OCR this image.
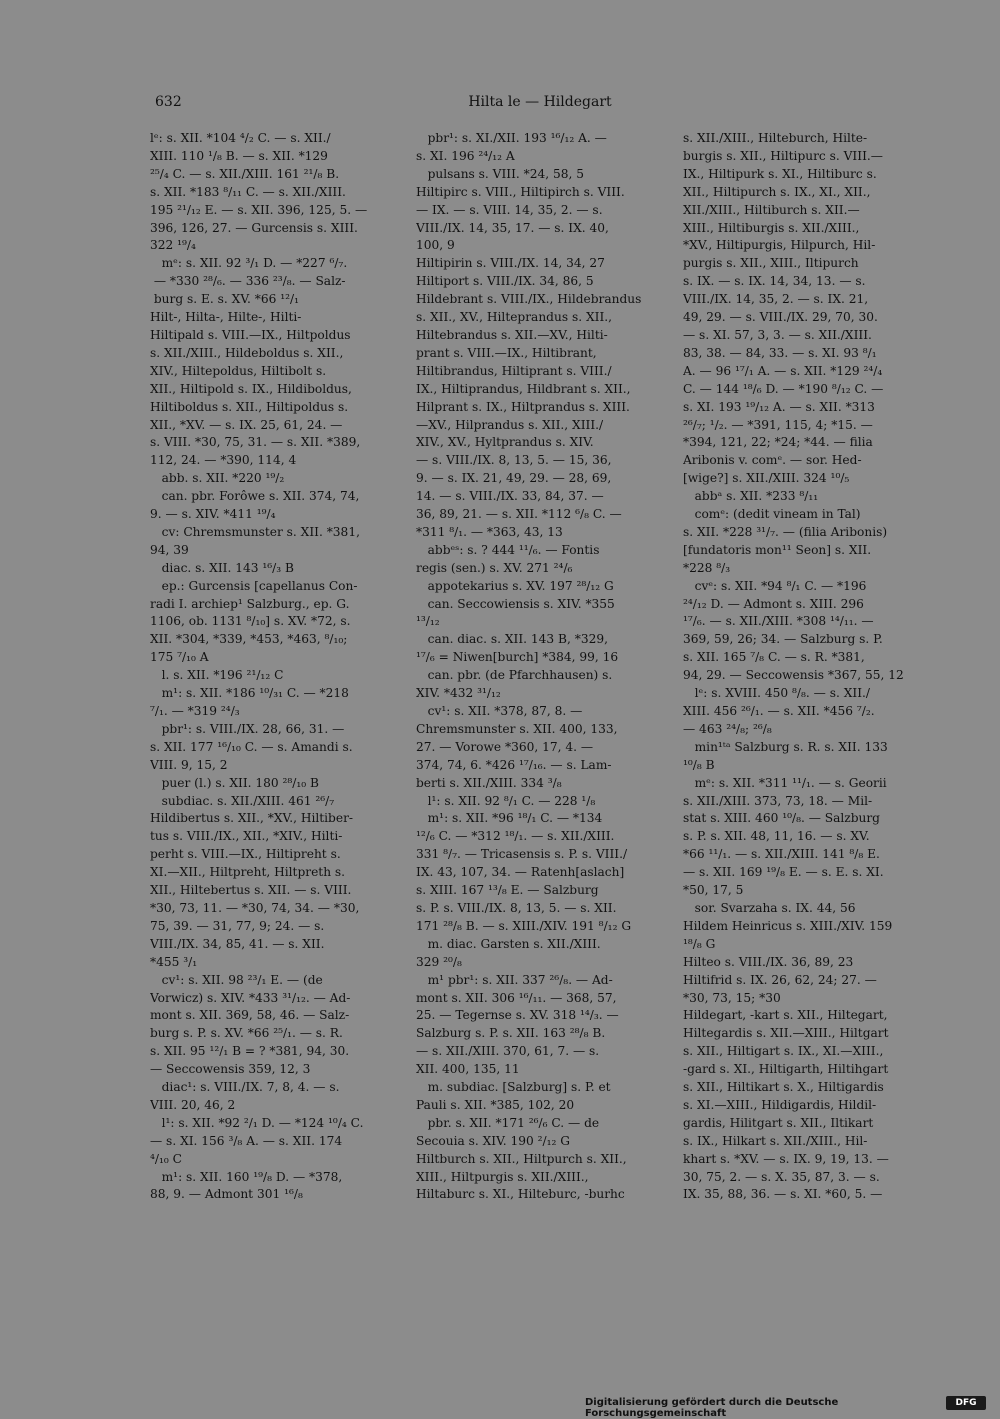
632	Hilta le — Hildegart
lᵉ: s. XII. *104 ⁴/₂ C. — s. XII./
XIII. 110 ¹/₈ B. — s. XII. *129
²⁵/₄ C. — s. XII./XIII. 161 ²¹/₈ B.
s. XII. *183 ⁸/₁₁ C. — s. XII./XIII.
195 ²¹/₁₂ E. — s. XII. 396, 125, 5. —
396, 126, 27. — Gurcensis s. XIII.
322 ¹⁹/₄
mᵉ: s. XII. 92 ³/₁ D. — *227 ⁶/₇.
— *330 ²⁸/₆. — 336 ²³/₈. — Salz-
burg s. E. s. XV. *66 ¹²/₁
Hilt-, Hilta-, Hilte-, Hilti-
Hiltipald s. VIII.—IX., Hiltpoldus
s. XII./XIII., Hildeboldus s. XII.,
XIV., Hiltepoldus, Hiltibolt s.
XII., Hiltipold s. IX., Hildiboldus,
Hiltiboldus s. XII., Hiltipoldus s.
XII., *XV. — s. IX. 25, 61, 24. —
s. VIII. *30, 75, 31. — s. XII. *389,
112, 24. — *390, 114, 4
abb. s. XII. *220 ¹⁹/₂
can. pbr. Forôwe s. XII. 374, 74,
9. — s. XIV. *411 ¹⁹/₄
cv: Chremsmunster s. XII. *381,
94, 39
diac. s. XII. 143 ¹⁶/₃ B
ep.: Gurcensis [capellanus Con-
radi I. archiep¹ Salzburg., ep. G.
1106, ob. 1131 ⁸/₁₀] s. XV. *72, s.
XII. *304, *339, *453, *463, ⁸/₁₀;
175 ⁷/₁₀ A
l. s. XII. *196 ²¹/₁₂ C
m¹: s. XII. *186 ¹⁰/₃₁ C. — *218
⁷/₁. — *319 ²⁴/₃
pbr¹: s. VIII./IX. 28, 66, 31. —
s. XII. 177 ¹⁶/₁₀ C. — s. Amandi s.
VIII. 9, 15, 2
puer (l.) s. XII. 180 ²⁸/₁₀ B
subdiac. s. XII./XIII. 461 ²⁶/₇
Hildibertus s. XII., *XV., Hiltiber-
tus s. VIII./IX., XII., *XIV., Hilti-
perht s. VIII.—IX., Hiltipreht s.
XI.—XII., Hiltpreht, Hiltpreth s.
XII., Hiltebertus s. XII. — s. VIII.
*30, 73, 11. — *30, 74, 34. — *30,
75, 39. — 31, 77, 9; 24. — s.
VIII./IX. 34, 85, 41. — s. XII.
*455 ³/₁
cv¹: s. XII. 98 ²³/₁ E. — (de
Vorwicz) s. XIV. *433 ³¹/₁₂. — Ad-
mont s. XII. 369, 58, 46. — Salz-
burg s. P. s. XV. *66 ²⁵/₁. — s. R.
s. XII. 95 ¹²/₁ B = ? *381, 94, 30.
— Seccowensis 359, 12, 3
diac¹: s. VIII./IX. 7, 8, 4. — s.
VIII. 20, 46, 2
l¹: s. XII. *92 ²/₁ D. — *124 ¹⁰/₄ C.
— s. XI. 156 ³/₈ A. — s. XII. 174
⁴/₁₀ C
m¹: s. XII. 160 ¹⁹/₈ D. — *378,
88, 9. — Admont 301 ¹⁶/₈
pbr¹: s. XI./XII. 193 ¹⁶/₁₂ A. —
s. XI. 196 ²⁴/₁₂ A
pulsans s. VIII. *24, 58, 5
Hiltipirc s. VIII., Hiltipirch s. VIII.
— IX. — s. VIII. 14, 35, 2. — s.
VIII./IX. 14, 35, 17. — s. IX. 40,
100, 9
Hiltipirin s. VIII./IX. 14, 34, 27
Hiltiport s. VIII./IX. 34, 86, 5
Hildebrant s. VIII./IX., Hildebrandus
s. XII., XV., Hilteprandus s. XII.,
Hiltebrandus s. XII.—XV., Hilti-
prant s. VIII.—IX., Hiltibrant,
Hiltibrandus, Hiltiprant s. VIII./
IX., Hiltiprandus, Hildbrant s. XII.,
Hilprant s. IX., Hiltprandus s. XIII.
—XV., Hilprandus s. XII., XIII./
XIV., XV., Hyltprandus s. XIV.
— s. VIII./IX. 8, 13, 5. — 15, 36,
9. — s. IX. 21, 49, 29. — 28, 69,
14. — s. VIII./IX. 33, 84, 37. —
36, 89, 21. — s. XII. *112 ⁶/₈ C. —
*311 ⁸/₁. — *363, 43, 13
abbᵉˢ: s. ? 444 ¹¹/₆. — Fontis
regis (sen.) s. XV. 271 ²⁴/₆
appotekarius s. XV. 197 ²⁸/₁₂ G
can. Seccowiensis s. XIV. *355
¹³/₁₂
can. diac. s. XII. 143 B, *329,
¹⁷/₆ = Niwen[burch] *384, 99, 16
can. pbr. (de Pfarchhausen) s.
XIV. *432 ³¹/₁₂
cv¹: s. XII. *378, 87, 8. —
Chremsmunster s. XII. 400, 133,
27. — Vorowe *360, 17, 4. —
374, 74, 6. *426 ¹⁷/₁₆. — s. Lam-
berti s. XII./XIII. 334 ³/₈
l¹: s. XII. 92 ⁸/₁ C. — 228 ¹/₈
m¹: s. XII. *96 ¹⁸/₁ C. — *134
¹²/₆ C. — *312 ¹⁸/₁. — s. XII./XIII.
331 ⁸/₇. — Tricasensis s. P. s. VIII./
IX. 43, 107, 34. — Ratenh[aslach]
s. XIII. 167 ¹³/₈ E. — Salzburg
s. P. s. VIII./IX. 8, 13, 5. — s. XII.
171 ²⁸/₈ B. — s. XIII./XIV. 191 ⁸/₁₂ G
m. diac. Garsten s. XII./XIII.
329 ²⁰/₈
m¹ pbr¹: s. XII. 337 ²⁶/₈. — Ad-
mont s. XII. 306 ¹⁶/₁₁. — 368, 57,
25. — Tegernse s. XV. 318 ¹⁴/₃. —
Salzburg s. P. s. XII. 163 ²⁸/₈ B.
— s. XII./XIII. 370, 61, 7. — s.
XII. 400, 135, 11
m. subdiac. [Salzburg] s. P. et
Pauli s. XII. *385, 102, 20
pbr. s. XII. *171 ²⁶/₆ C. — de
Secouia s. XIV. 190 ²/₁₂ G
Hiltburch s. XII., Hiltpurch s. XII.,
XIII., Hiltpurgis s. XII./XIII.,
Hiltaburc s. XI., Hilteburc, -burhc
s. XII./XIII., Hilteburch, Hilte-
burgis s. XII., Hiltipurc s. VIII.—
IX., Hiltipurk s. XI., Hiltiburc s.
XII., Hiltipurch s. IX., XI., XII.,
XII./XIII., Hiltiburch s. XII.—
XIII., Hiltiburgis s. XII./XIII.,
*XV., Hiltipurgis, Hilpurch, Hil-
purgis s. XII., XIII., Iltipurch
s. IX. — s. IX. 14, 34, 13. — s.
VIII./IX. 14, 35, 2. — s. IX. 21,
49, 29. — s. VIII./IX. 29, 70, 30.
— s. XI. 57, 3, 3. — s. XII./XIII.
83, 38. — 84, 33. — s. XI. 93 ⁸/₁
A. — 96 ¹⁷/₁ A. — s. XII. *129 ²⁴/₄
C. — 144 ¹⁸/₆ D. — *190 ⁸/₁₂ C. —
s. XI. 193 ¹⁹/₁₂ A. — s. XII. *313
²⁶/₇; ¹/₂. — *391, 115, 4; *15. —
*394, 121, 22; *24; *44. — filia
Aribonis v. comᵉ. — sor. Hed-
[wige?] s. XII./XIII. 324 ¹⁰/₅
abbᵃ s. XII. *233 ⁸/₁₁
comᵉ: (dedit vineam in Tal)
s. XII. *228 ³¹/₇. — (filia Aribonis)
[fundatoris mon¹¹ Seon] s. XII.
*228 ⁸/₃
cvᵉ: s. XII. *94 ⁸/₁ C. — *196
²⁴/₁₂ D. — Admont s. XIII. 296
¹⁷/₆. — s. XII./XIII. *308 ¹⁴/₁₁. —
369, 59, 26; 34. — Salzburg s. P.
s. XII. 165 ⁷/₈ C. — s. R. *381,
94, 29. — Seccowensis *367, 55, 12
lᵉ: s. XVIII. 450 ⁸/₈. — s. XII./
XIII. 456 ²⁶/₁. — s. XII. *456 ⁷/₂.
— 463 ²⁴/₈; ²⁶/₈
min¹ᵗᵃ Salzburg s. R. s. XII. 133
¹⁰/₈ B
mᵉ: s. XII. *311 ¹¹/₁. — s. Georii
s. XII./XIII. 373, 73, 18. — Mil-
stat s. XIII. 460 ¹⁰/₈. — Salzburg
s. P. s. XII. 48, 11, 16. — s. XV.
*66 ¹¹/₁. — s. XII./XIII. 141 ⁸/₈ E.
— s. XII. 169 ¹⁹/₈ E. — s. E. s. XI.
*50, 17, 5
sor. Svarzaha s. IX. 44, 56
Hildem Heinricus s. XIII./XIV. 159
¹⁸/₈ G
Hilteo s. VIII./IX. 36, 89, 23
Hiltifrid s. IX. 26, 62, 24; 27. —
*30, 73, 15; *30
Hildegart, -kart s. XII., Hiltegart,
Hiltegardis s. XII.—XIII., Hiltgart
s. XII., Hiltigart s. IX., XI.—XIII.,
-gard s. XI., Hiltigarth, Hiltihgart
s. XII., Hiltikart s. X., Hiltigardis
s. XI.—XIII., Hildigardis, Hildil-
gardis, Hilitgart s. XII., Iltikart
s. IX., Hilkart s. XII./XIII., Hil-
khart s. *XV. — s. IX. 9, 19, 13. —
30, 75, 2. — s. X. 35, 87, 3. — s.
IX. 35, 88, 36. — s. XI. *60, 5. —
Digitalisierung gefördert durch die Deutsche Forschungsgemeinschaft
DFG
